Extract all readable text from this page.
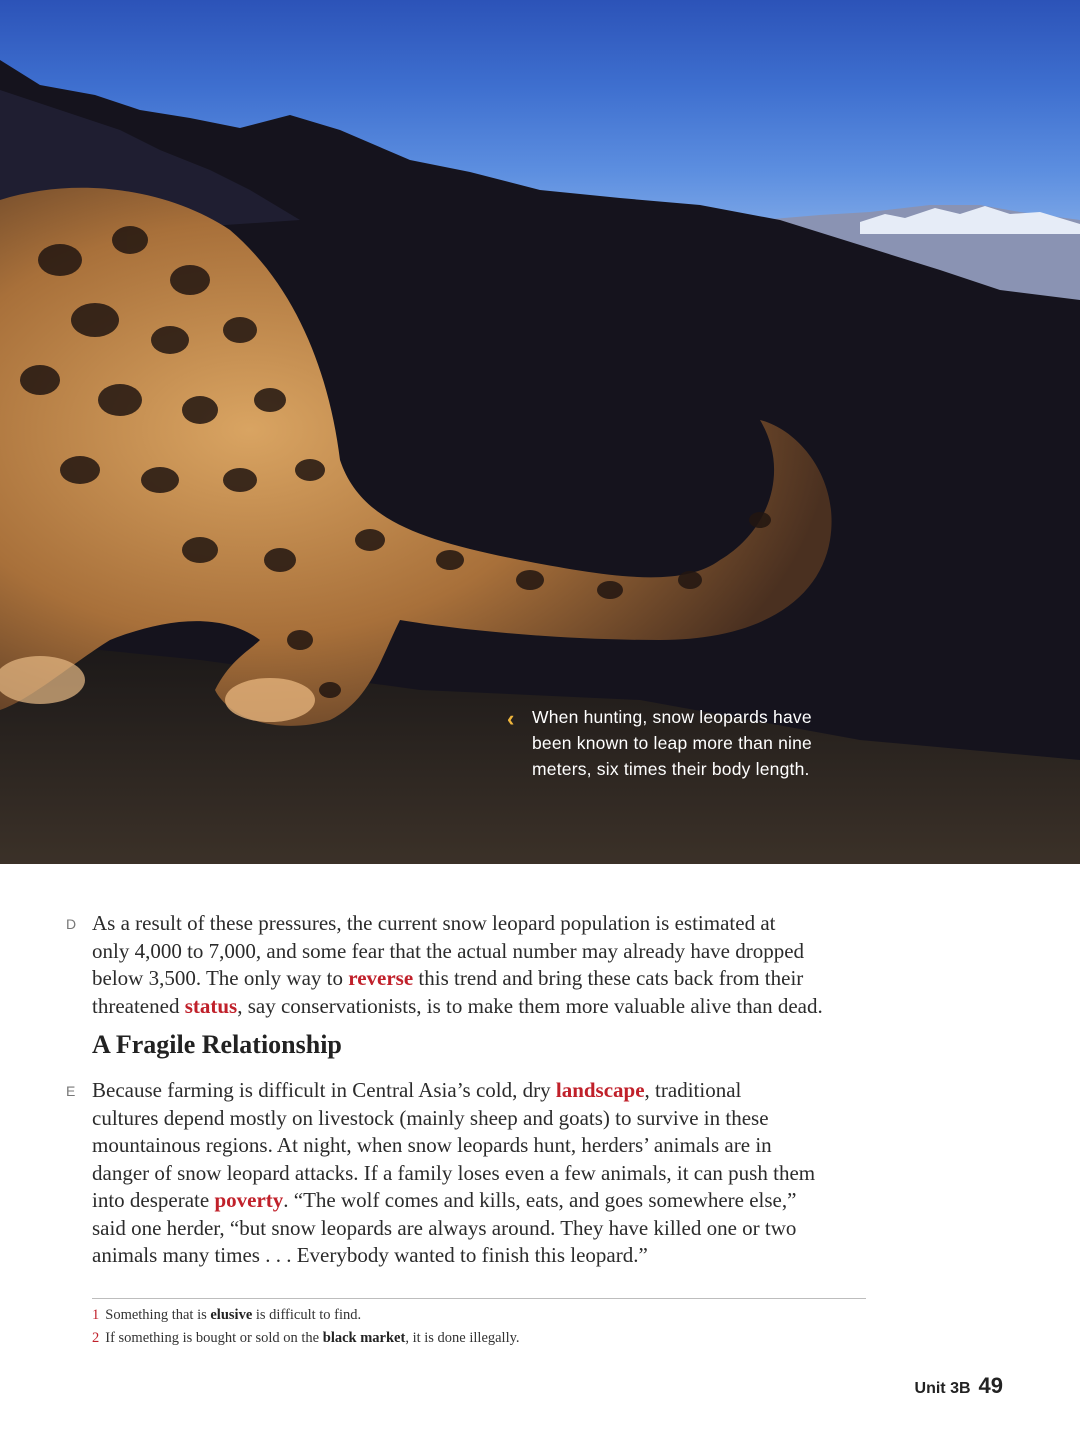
‹ When hunting, snow leopards have
been known to leap more than nine
meters, six times their body length.
D As a result of these pressures, the current snow leopard population is estimated at
only 4,000 to 7,000, and some fear that the actual number may already have dropped
below 3,500. The only way to reverse this trend and bring these cats back from their
threatened status, say conservationists, is to make them more valuable alive than dead.
A Fragile Relationship
E Because farming is difficult in Central Asia’s cold, dry landscape, traditional
cultures depend mostly on livestock (mainly sheep and goats) to survive in these
mountainous regions. At night, when snow leopards hunt, herders’ animals are in
danger of snow leopard attacks. If a family loses even a few animals, it can push them
into desperate poverty. “The wolf comes and kills, eats, and goes somewhere else,”
said one herder, “but snow leopards are always around. They have killed one or two
animals many times . . . Everybody wanted to finish this leopard.”
1 Something that is elusive is difficult to find.
2 If something is bought or sold on the black market, it is done illegally.
Unit 3B 49
